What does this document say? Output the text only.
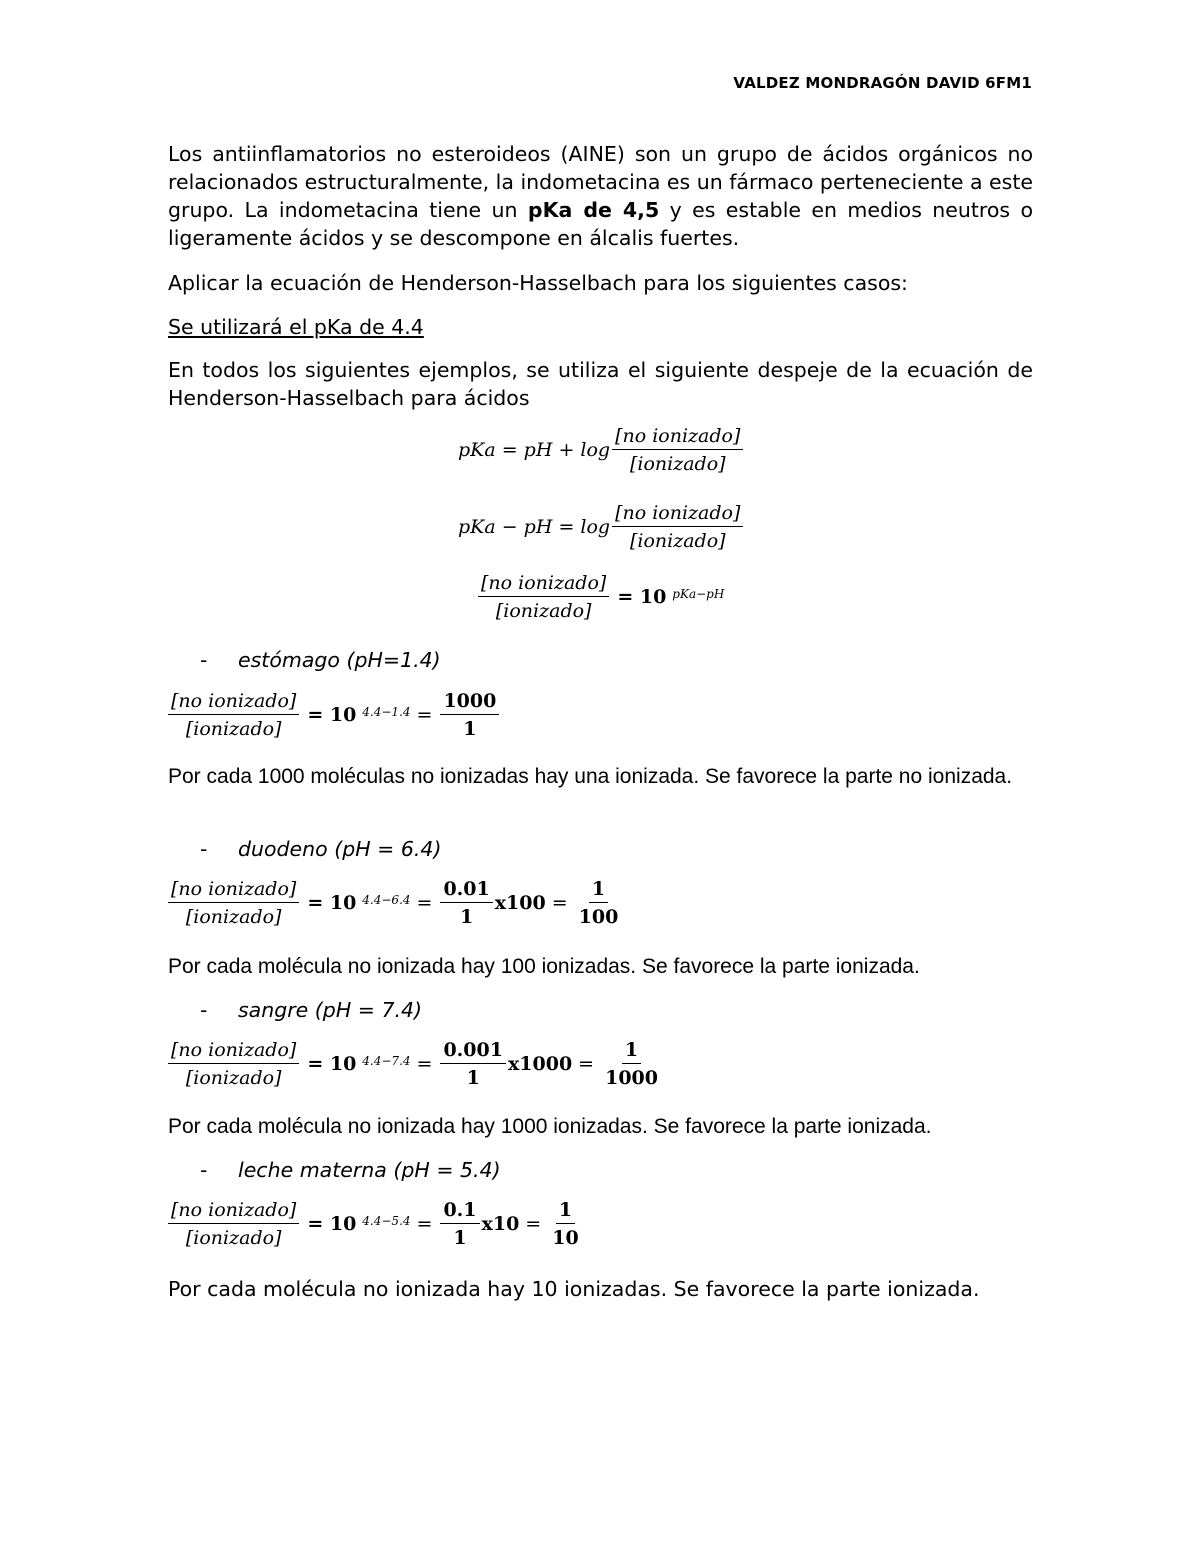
VALDEZ MONDRAGÓN DAVID 6FM1
Los antiinflamatorios no esteroideos (AINE) son un grupo de ácidos orgánicos no relacionados estructuralmente, la indometacina es un fármaco perteneciente a este grupo. La indometacina tiene un pKa de 4,5 y es estable en medios neutros o ligeramente ácidos y se descompone en álcalis fuertes.
Aplicar la ecuación de Henderson-Hasselbach para los siguientes casos:
Se utilizará el pKa de 4.4
En todos los siguientes ejemplos, se utiliza el siguiente despeje de la ecuación de Henderson-Hasselbach para ácidos
pKa = pH + $\log \frac{\text{[no ionizado]}}{\text{[ionizado]}}$
pKa − pH = $\log \frac{\text{[no ionizado]}}{\text{[ionizado]}}$
$\frac{\text{[no ionizado]}}{\text{[ionizado]}} = 10$ $^{pKa-pH}$
- estómago (pH=1.4)
$\frac{\text{[no ionizado]}}{\text{[ionizado]}} = 10$ $^{4.4-1.4} = \frac{1000}{1}$
Por cada 1000 moléculas no ionizadas hay una ionizada. Se favorece la parte no ionizada.
- duodeno (pH = 6.4)
$\frac{\text{[no ionizado]}}{\text{[ionizado]}} = 10$ $^{4.4-6.4} = \frac{0.01}{1} x100 = \frac{1}{100}$
Por cada molécula no ionizada hay 100 ionizadas. Se favorece la parte ionizada.
- sangre (pH = 7.4)
$\frac{\text{[no ionizado]}}{\text{[ionizado]}} = 10$ $^{4.4-7.4} = \frac{0.001}{1} x1000 = \frac{1}{1000}$
Por cada molécula no ionizada hay 1000 ionizadas. Se favorece la parte ionizada.
- leche materna (pH = 5.4)
$\frac{\text{[no ionizado]}}{\text{[ionizado]}} = 10$ $^{4.4-5.4} = \frac{0.1}{1} x10 = \frac{1}{10}$
Por cada molécula no ionizada hay 10 ionizadas. Se favorece la parte ionizada.
